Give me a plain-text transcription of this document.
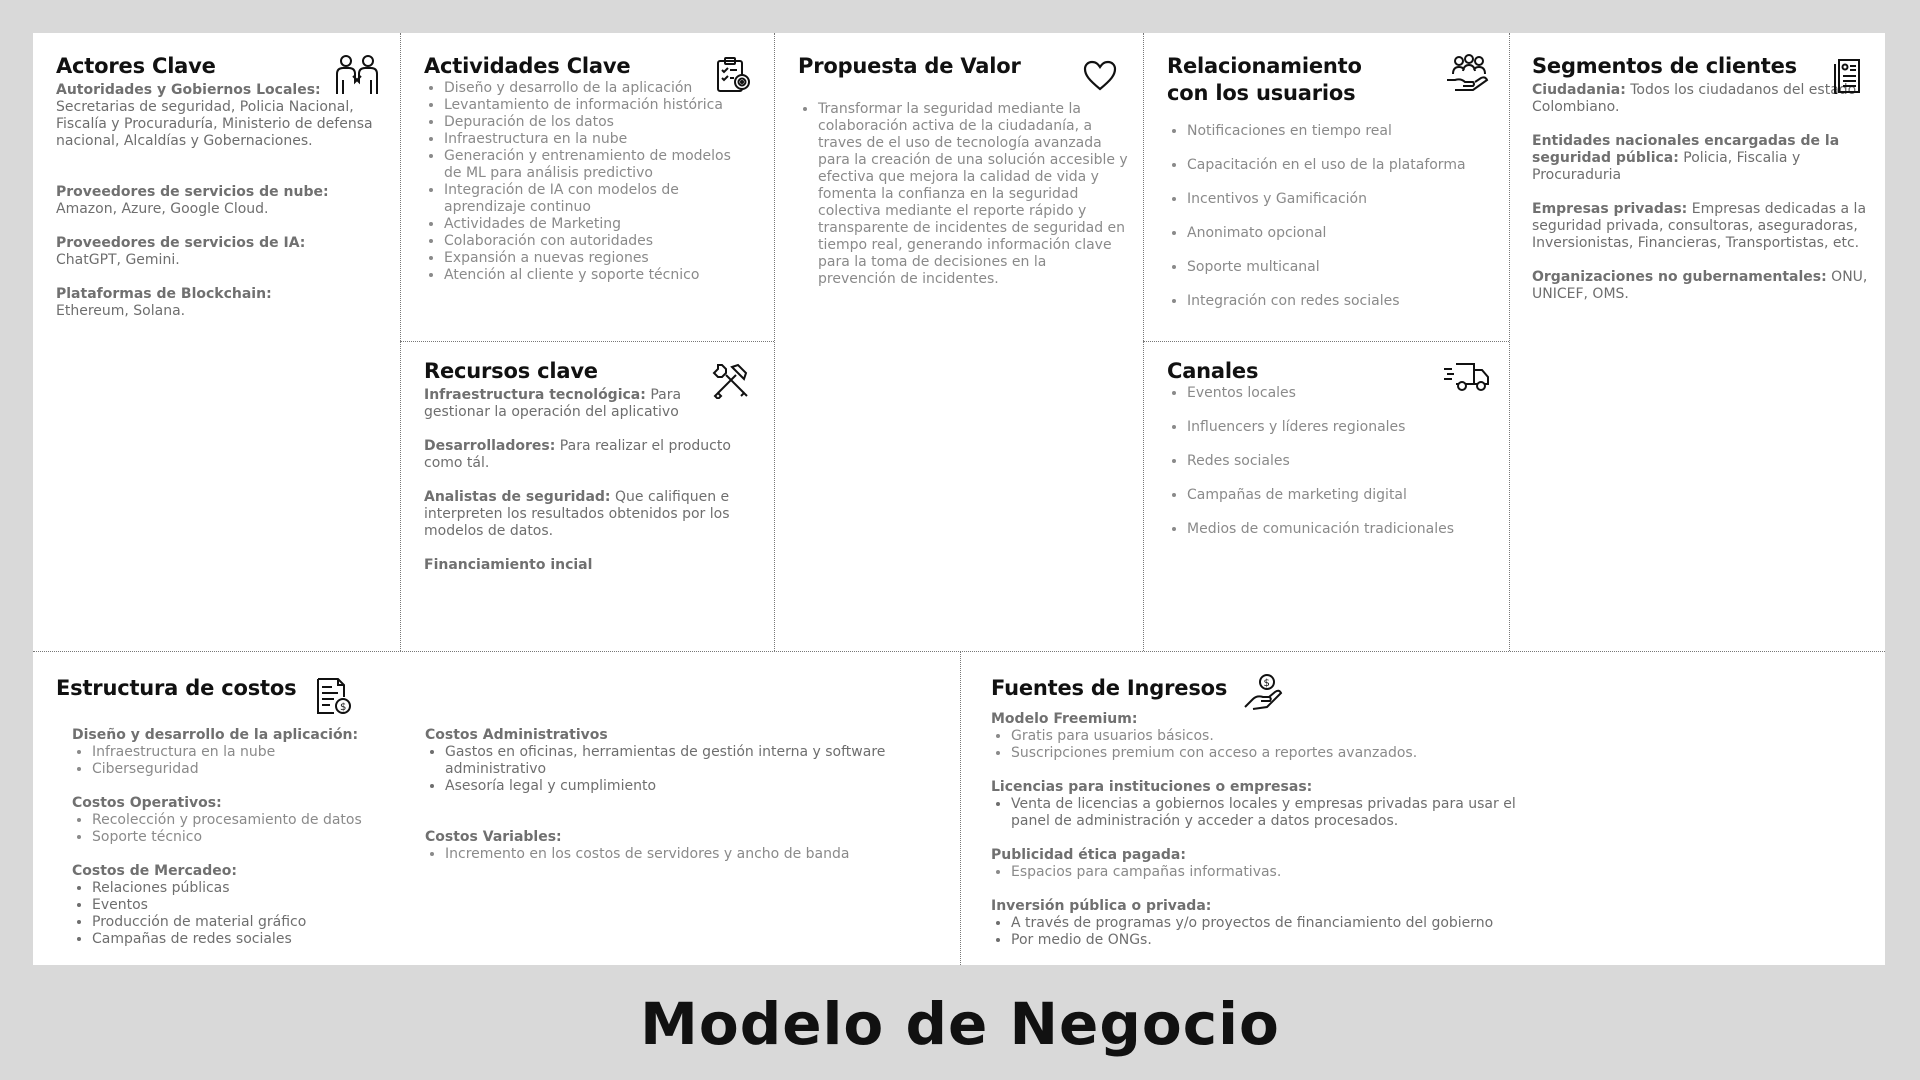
Actores Clave
Autoridades y Gobiernos Locales:
Secretarias de seguridad, Policia Nacional, Fiscalía y Procuraduría, Ministerio de defensa nacional, Alcaldías y Gobernaciones.
Proveedores de servicios de nube:
Amazon, Azure, Google Cloud.
Proveedores de servicios de IA:
ChatGPT, Gemini.
Plataformas de Blockchain:
Ethereum, Solana.
Actividades Clave
• Diseño y desarrollo de la aplicación
• Levantamiento de información histórica
• Depuración de los datos
• Infraestructura en la nube
• Generación y entrenamiento de modelos de ML para análisis predictivo
• Integración de IA con modelos de aprendizaje continuo
• Actividades de Marketing
• Colaboración con autoridades
• Expansión a nuevas regiones
• Atención al cliente y soporte técnico
Recursos clave
Infraestructura tecnológica: Para gestionar la operación del aplicativo
Desarrolladores: Para realizar el producto como tál.
Analistas de seguridad: Que califiquen e interpreten los resultados obtenidos por los modelos de datos.
Financiamiento incial
Propuesta de Valor
• Transformar la seguridad mediante la colaboración activa de la ciudadanía, a traves de el uso de tecnología avanzada para la creación de una solución accesible y efectiva que mejora la calidad de vida y fomenta la confianza en la seguridad colectiva mediante el reporte rápido y transparente de incidentes de seguridad en tiempo real, generando información clave para la toma de decisiones en la prevención de incidentes.
Relacionamiento con los usuarios
• Notificaciones en tiempo real
• Capacitación en el uso de la plataforma
• Incentivos y Gamificación
• Anonimato opcional
• Soporte multicanal
• Integración con redes sociales
Canales
• Eventos locales
• Influencers y líderes regionales
• Redes sociales
• Campañas de marketing digital
• Medios de comunicación tradicionales
Segmentos de clientes
Ciudadania: Todos los ciudadanos del estado Colombiano.
Entidades nacionales encargadas de la seguridad pública: Policia, Fiscalia y Procuraduria
Empresas privadas: Empresas dedicadas a la seguridad privada, consultoras, aseguradoras, Inversionistas, Financieras, Transportistas, etc.
Organizaciones no gubernamentales: ONU, UNICEF, OMS.
Estructura de costos
$
Diseño y desarrollo de la aplicación:
• Infraestructura en la nube
• Ciberseguridad
Costos Operativos:
• Recolección y procesamiento de datos
• Soporte técnico
Costos de Mercadeo:
• Relaciones públicas
• Eventos
• Producción de material gráfico
• Campañas de redes sociales
Costos Administrativos
• Gastos en oficinas, herramientas de gestión interna y software administrativo
• Asesoría legal y cumplimiento
Costos Variables:
• Incremento en los costos de servidores y ancho de banda
Fuentes de Ingresos	$
Modelo Freemium:
• Gratis para usuarios básicos.
• Suscripciones premium con acceso a reportes avanzados.
Licencias para instituciones o empresas:
• Venta de licencias a gobiernos locales y empresas privadas para usar el panel de administración y acceder a datos procesados.
Publicidad ética pagada:
• Espacios para campañas informativas.
Inversión pública o privada:
• A través de programas y/o proyectos de financiamiento del gobierno
• Por medio de ONGs.
Modelo de Negocio
